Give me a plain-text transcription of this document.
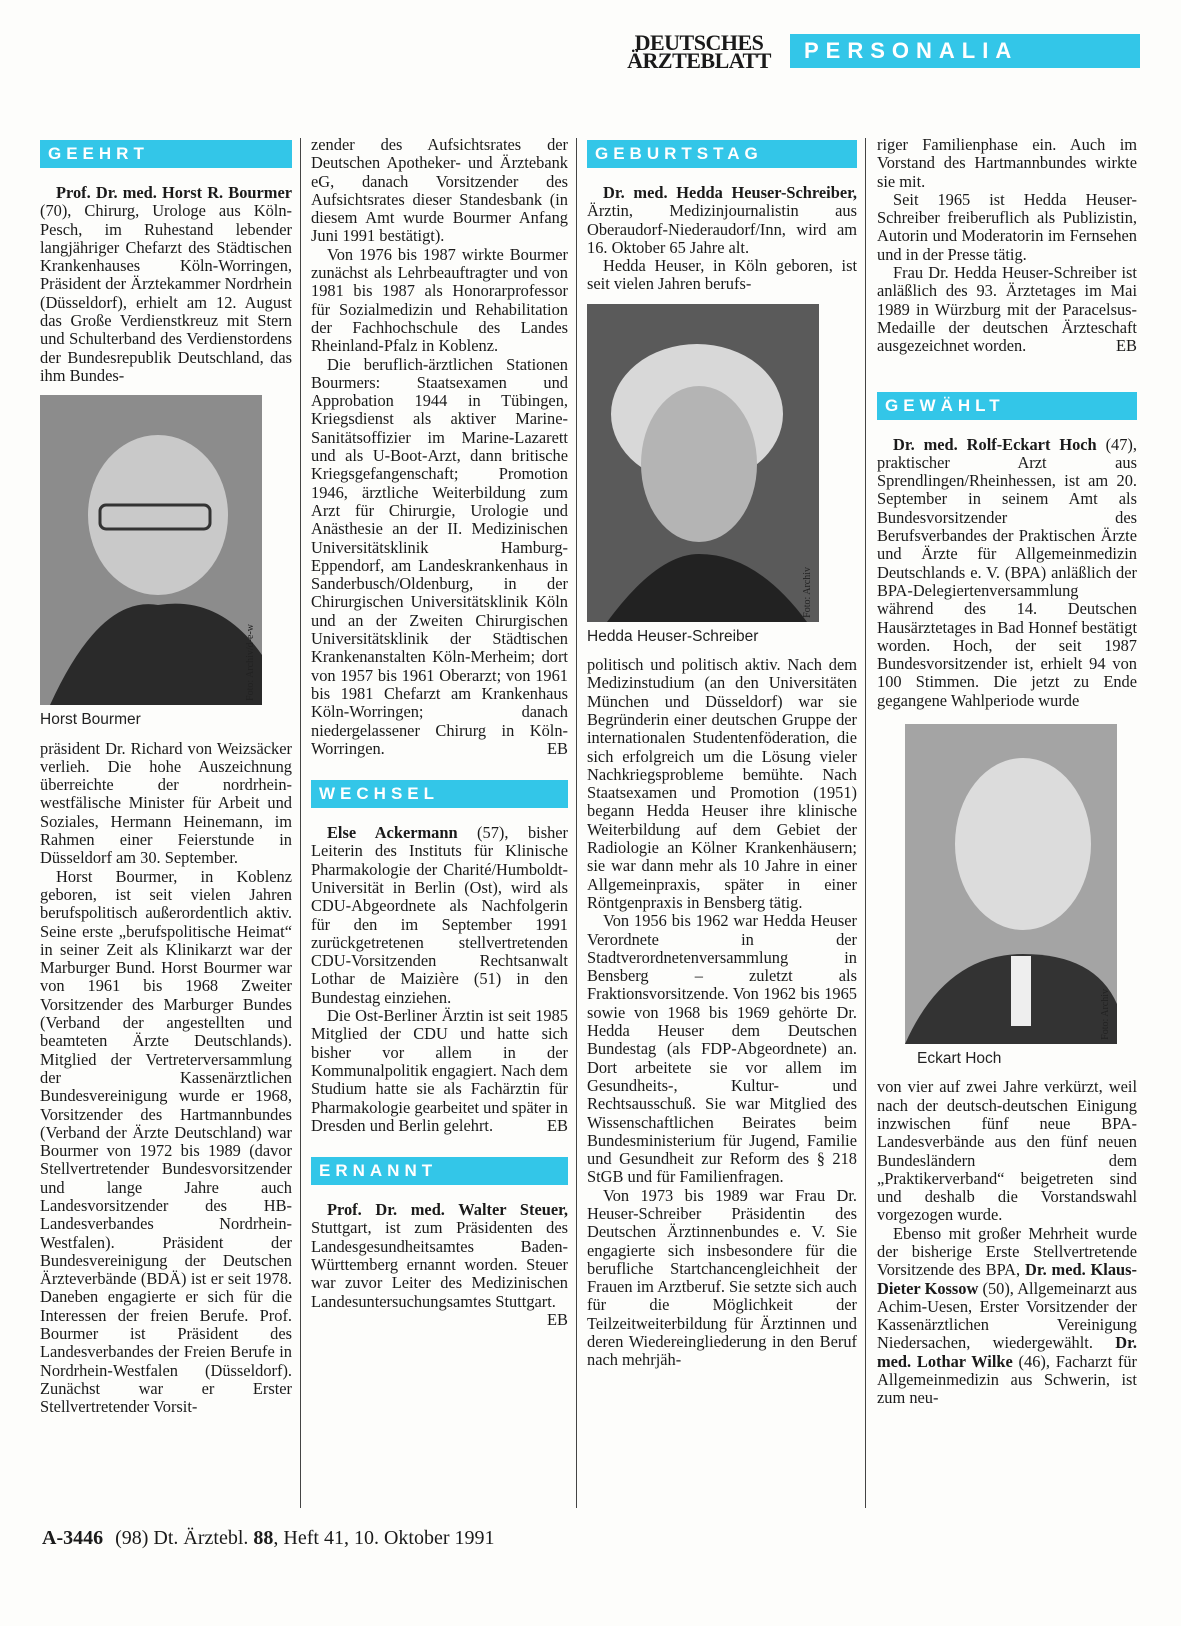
DEUTSCHES
ÄRZTEBLATT	PERSONALIA
GEEHRT

Prof. Dr. med. Horst R. Bourmer (70), Chirurg, Urologe aus Köln-Pesch, im Ruhestand lebender langjähriger Chefarzt des Städtischen Krankenhauses Köln-Worringen, Präsident der Ärztekammer Nordrhein (Düsseldorf), erhielt am 12. August das Große Verdienstkreuz mit Stern und Schulterband des Verdienstordens der Bundesrepublik Deutschland, das ihm Bundes-

Foto: Archiv/d-e-w
Horst Bourmer

präsident Dr. Richard von Weizsäcker verlieh. Die hohe Auszeichnung überreichte der nordrhein-westfälische Minister für Arbeit und Soziales, Hermann Heinemann, im Rahmen einer Feierstunde in Düsseldorf am 30. September.

Horst Bourmer, in Koblenz geboren, ist seit vielen Jahren berufspolitisch außerordentlich aktiv. Seine erste „berufspolitische Heimat“ in seiner Zeit als Klinikarzt war der Marburger Bund. Horst Bourmer war von 1961 bis 1968 Zweiter Vorsitzender des Marburger Bundes (Verband der angestellten und beamteten Ärzte Deutschlands). Mitglied der Vertreterversammlung der Kassenärztlichen Bundesvereinigung wurde er 1968, Vorsitzender des Hartmannbundes (Verband der Ärzte Deutschland) war Bourmer von 1972 bis 1989 (davor Stellvertretender Bundesvorsitzender und lange Jahre auch Landesvorsitzender des HB-Landesverbandes Nordrhein-Westfalen). Präsident der Bundesvereinigung der Deutschen Ärzteverbände (BDÄ) ist er seit 1978. Daneben engagierte er sich für die Interessen der freien Berufe. Prof. Bourmer ist Präsident des Landesverbandes der Freien Berufe in Nordrhein-Westfalen (Düsseldorf). Zunächst war er Erster Stellvertretender Vorsit-

zender des Aufsichtsrates der Deutschen Apotheker- und Ärztebank eG, danach Vorsitzender des Aufsichtsrates dieser Standesbank (in diesem Amt wurde Bourmer Anfang Juni 1991 bestätigt).

Von 1976 bis 1987 wirkte Bourmer zunächst als Lehrbeauftragter und von 1981 bis 1987 als Honorarprofessor für Sozialmedizin und Rehabilitation der Fachhochschule des Landes Rheinland-Pfalz in Koblenz.

Die beruflich-ärztlichen Stationen Bourmers: Staatsexamen und Approbation 1944 in Tübingen, Kriegsdienst als aktiver Marine-Sanitätsoffizier im Marine-Lazarett und als U-Boot-Arzt, dann britische Kriegsgefangenschaft; Promotion 1946, ärztliche Weiterbildung zum Arzt für Chirurgie, Urologie und Anästhesie an der II. Medizinischen Universitätsklinik Hamburg-Eppendorf, am Landeskrankenhaus in Sanderbusch/Oldenburg, in der Chirurgischen Universitätsklinik Köln und an der Zweiten Chirurgischen Universitätsklinik der Städtischen Krankenanstalten Köln-Merheim; dort von 1957 bis 1961 Oberarzt; von 1961 bis 1981 Chefarzt am Krankenhaus Köln-Worringen; danach niedergelassener Chirurg in Köln-Worringen.	EB

WECHSEL

Else Ackermann (57), bisher Leiterin des Instituts für Klinische Pharmakologie der Charité/Humboldt-Universität in Berlin (Ost), wird als CDU-Abgeordnete als Nachfolgerin für den im September 1991 zurückgetretenen stellvertretenden CDU-Vorsitzenden Rechtsanwalt Lothar de Maizière (51) in den Bundestag einziehen.

Die Ost-Berliner Ärztin ist seit 1985 Mitglied der CDU und hatte sich bisher vor allem in der Kommunalpolitik engagiert. Nach dem Studium hatte sie als Fachärztin für Pharmakologie gearbeitet und später in Dresden und Berlin gelehrt.	EB

ERNANNT

Prof. Dr. med. Walter Steuer, Stuttgart, ist zum Präsidenten des Landesgesundheitsamtes Baden-Württemberg ernannt worden. Steuer war zuvor Leiter des Medizinischen Landesuntersuchungsamtes Stuttgart.
EB

GEBURTSTAG

Dr. med. Hedda Heuser-Schreiber, Ärztin, Medizinjournalistin aus Oberaudorf-Niederaudorf/Inn, wird am 16. Oktober 65 Jahre alt.

Hedda Heuser, in Köln geboren, ist seit vielen Jahren berufs-

Foto: Archiv
Hedda Heuser-Schreiber

politisch und politisch aktiv. Nach dem Medizinstudium (an den Universitäten München und Düsseldorf) war sie Begründerin einer deutschen Gruppe der internationalen Studentenföderation, die sich erfolgreich um die Lösung vieler Nachkriegsprobleme bemühte. Nach Staatsexamen und Promotion (1951) begann Hedda Heuser ihre klinische Weiterbildung auf dem Gebiet der Radiologie an Kölner Krankenhäusern; sie war dann mehr als 10 Jahre in einer Allgemeinpraxis, später in einer Röntgenpraxis in Bensberg tätig.

Von 1956 bis 1962 war Hedda Heuser Verordnete in der Stadtverordnetenversammlung in Bensberg – zuletzt als Fraktionsvorsitzende. Von 1962 bis 1965 sowie von 1968 bis 1969 gehörte Dr. Hedda Heuser dem Deutschen Bundestag (als FDP-Abgeordnete) an. Dort arbeitete sie vor allem im Gesundheits-, Kultur- und Rechtsausschuß. Sie war Mitglied des Wissenschaftlichen Beirates beim Bundesministerium für Jugend, Familie und Gesundheit zur Reform des § 218 StGB und für Familienfragen.

Von 1973 bis 1989 war Frau Dr. Heuser-Schreiber Präsidentin des Deutschen Ärztinnenbundes e. V. Sie engagierte sich insbesondere für die berufliche Startchancengleichheit der Frauen im Arztberuf. Sie setzte sich auch für die Möglichkeit der Teilzeitweiterbildung für Ärztinnen und deren Wiedereingliederung in den Beruf nach mehrjäh-

riger Familienphase ein. Auch im Vorstand des Hartmannbundes wirkte sie mit.

Seit 1965 ist Hedda Heuser-Schreiber freiberuflich als Publizistin, Autorin und Moderatorin im Fernsehen und in der Presse tätig.

Frau Dr. Hedda Heuser-Schreiber ist anläßlich des 93. Ärztetages im Mai 1989 in Würzburg mit der Paracelsus-Medaille der deutschen Ärzteschaft ausgezeichnet worden.	EB

GEWÄHLT

Dr. med. Rolf-Eckart Hoch (47), praktischer Arzt aus Sprendlingen/Rheinhessen, ist am 20. September in seinem Amt als Bundesvorsitzender des Berufsverbandes der Praktischen Ärzte und Ärzte für Allgemeinmedizin Deutschlands e. V. (BPA) anläßlich der BPA-Delegiertenversammlung während des 14. Deutschen Hausärztetages in Bad Honnef bestätigt worden. Hoch, der seit 1987 Bundesvorsitzender ist, erhielt 94 von 100 Stimmen. Die jetzt zu Ende gegangene Wahlperiode wurde

Foto: Archiv
Eckart Hoch

von vier auf zwei Jahre verkürzt, weil nach der deutsch-deutschen Einigung inzwischen fünf neue BPA-Landesverbände aus den fünf neuen Bundesländern dem „Praktikerverband“ beigetreten sind und deshalb die Vorstandswahl vorgezogen wurde.

Ebenso mit großer Mehrheit wurde der bisherige Erste Stellvertretende Vorsitzende des BPA, Dr. med. Klaus-Dieter Kossow (50), Allgemeinarzt aus Achim-Uesen, Erster Vorsitzender der Kassenärztlichen Vereinigung Niedersachen, wiedergewählt. Dr. med. Lothar Wilke (46), Facharzt für Allgemeinmedizin aus Schwerin, ist zum neu-

A-3446 (98) Dt. Ärztebl. 88, Heft 41, 10. Oktober 1991
